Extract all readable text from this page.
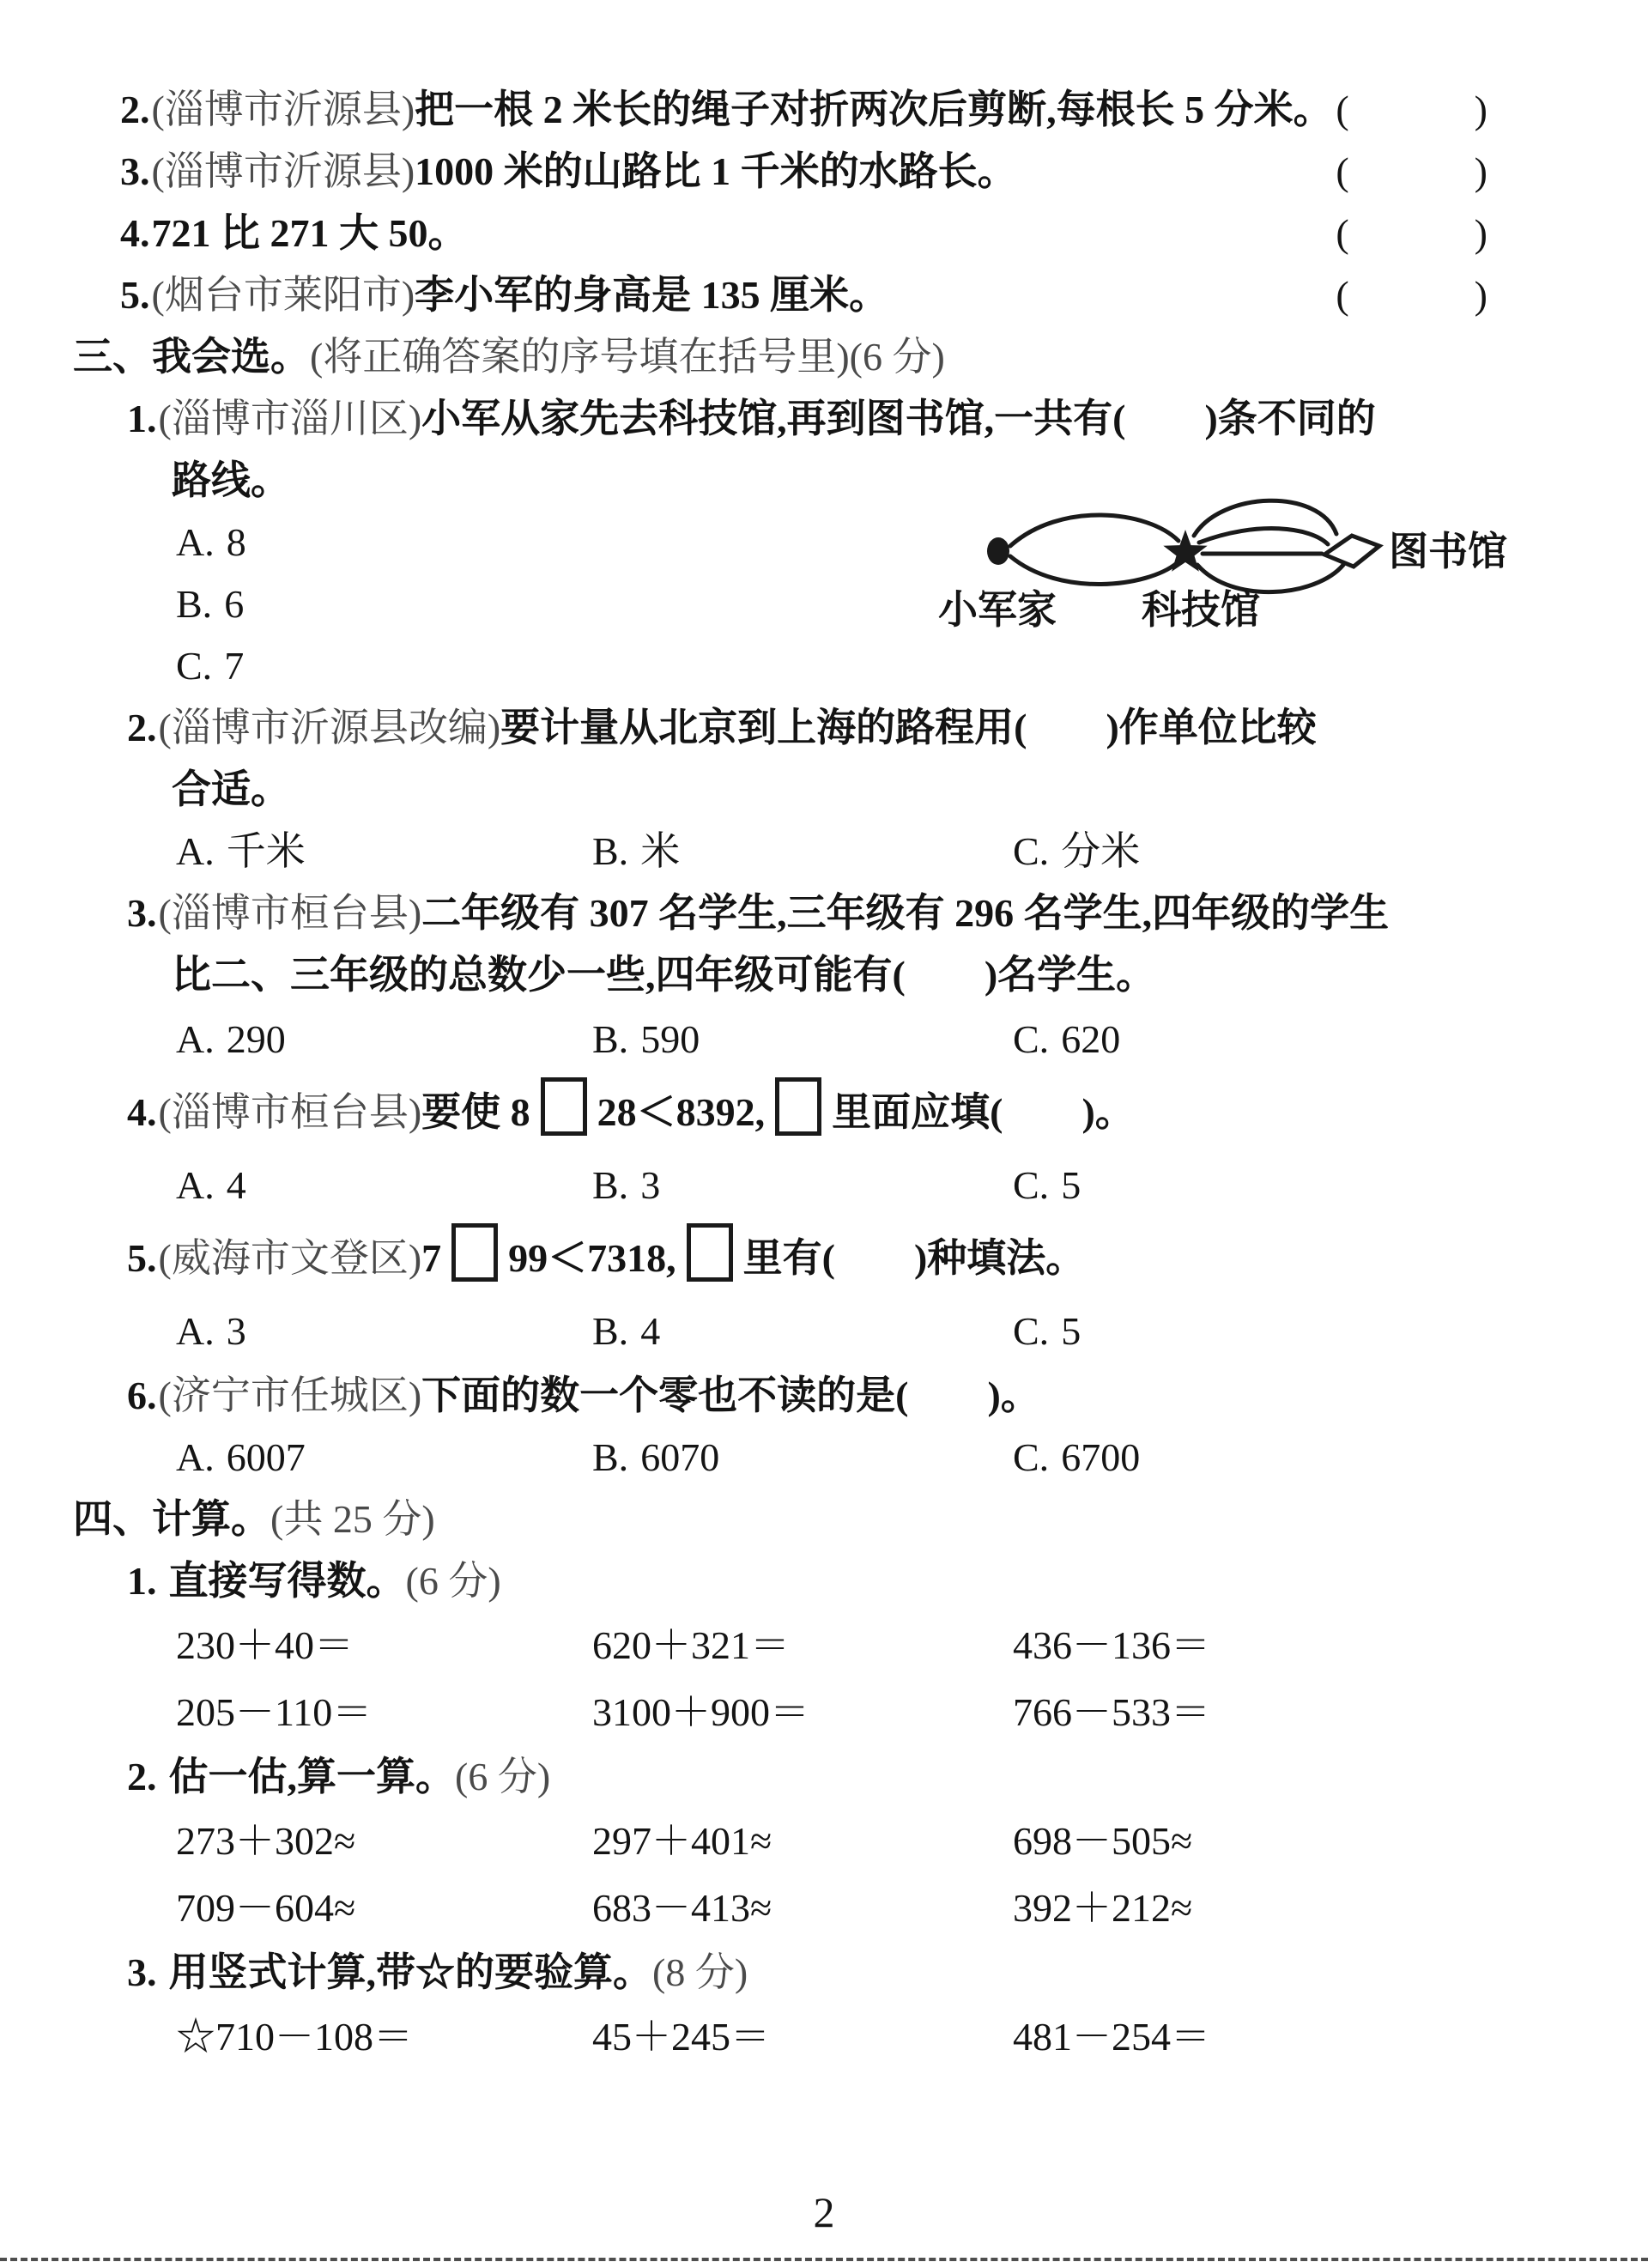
2.(淄博市沂源县)把一根 2 米长的绳子对折两次后剪断,每根长 5 分米。 (　　　)
3.(淄博市沂源县)1000 米的山路比 1 千米的水路长。	(　　　)
4.721 比 271 大 50。	(　　　)
5.(烟台市莱阳市)李小军的身高是 135 厘米。	(　　　)
三、我会选。(将正确答案的序号填在括号里)(6 分)
1.(淄博市淄川区)小军从家先去科技馆,再到图书馆,一共有(　　)条不同的
路线。
A. 8
B. 6
C. 7
2.(淄博市沂源县改编)要计量从北京到上海的路程用(　　)作单位比较
合适。
A. 千米	B. 米	C. 分米
3.(淄博市桓台县)二年级有 307 名学生,三年级有 296 名学生,四年级的学生
比二、三年级的总数少一些,四年级可能有(　　)名学生。
A. 290	B. 590	C. 620
4.(淄博市桓台县)要使 8 28＜8392, 里面应填(　　)。
A. 4	B. 3	C. 5
5.(威海市文登区)7 99＜7318, 里有(　　)种填法。
A. 3	B. 4	C. 5
6.(济宁市任城区)下面的数一个零也不读的是(　　)。
A. 6007	B. 6070	C. 6700
四、计算。(共 25 分)
1. 直接写得数。(6 分)
230＋40＝	620＋321＝	436－136＝
205－110＝	3100＋900＝	766－533＝
2. 估一估,算一算。(6 分)
273＋302≈	297＋401≈	698－505≈
709－604≈	683－413≈	392＋212≈
3. 用竖式计算,带☆的要验算。(8 分)
☆710－108＝	45＋245＝	481－254＝
小军家 科技馆
图书馆
2
